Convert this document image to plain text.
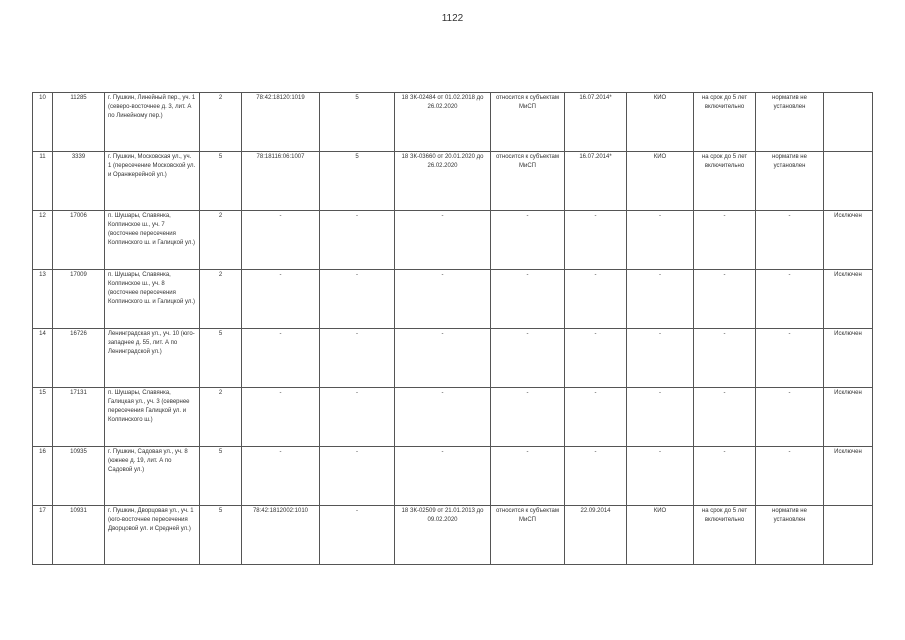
1122
10	11285	г. Пушкин, Линейный пер., уч. 1 (северо-восточнее д. 3, лит. А по Линейному пер.)	2	78:42:18120:1019	5	18 ЗК-02484 от 01.02.2018 до 26.02.2020	относится к субъектам МиСП	16.07.2014*	КИО	на срок до 5 лет включительно	норматив не установлен	
11	3339	г. Пушкин, Московская ул., уч. 1 (пересечение Московской ул. и Оранжерейной ул.)	5	78:18116:06:1007	5	18 ЗК-03660 от 20.01.2020 до 26.02.2020	относится к субъектам МиСП	16.07.2014*	КИО	на срок до 5 лет включительно	норматив не установлен	
12	17006	п. Шушары, Славянка, Колпинское ш., уч. 7 (восточнее пересечения Колпинского ш. и Галицкой ул.)	2	-	-	-	-	-	-	-	-	Исключен
13	17009	п. Шушары, Славянка, Колпинское ш., уч. 8 (восточнее пересечения Колпинского ш. и Галицкой ул.)	2	-	-	-	-	-	-	-	-	Исключен
14	16726	Ленинградская ул., уч. 10 (юго-западнее д. 55, лит. А по Ленинградской ул.)	5	-	-	-	-	-	-	-	-	Исключен
15	17131	п. Шушары, Славянка, Галицкая ул., уч. 3 (севернее пересечения Галицкой ул. и Колпинского ш.)	2	-	-	-	-	-	-	-	-	Исключен
16	10935	г. Пушкин, Садовая ул., уч. 8 (южнее д. 19, лит. А по Садовой ул.)	5	-	-	-	-	-	-	-	-	Исключен
17	10931	г. Пушкин, Дворцовая ул., уч. 1 (юго-восточнее пересечения Дворцовой ул. и Средней ул.)	5	78:42:1812002:1010	-	18 ЗК-02509 от 21.01.2013 до 09.02.2020	относится к субъектам МиСП	22.09.2014	КИО	на срок до 5 лет включительно	норматив не установлен	
